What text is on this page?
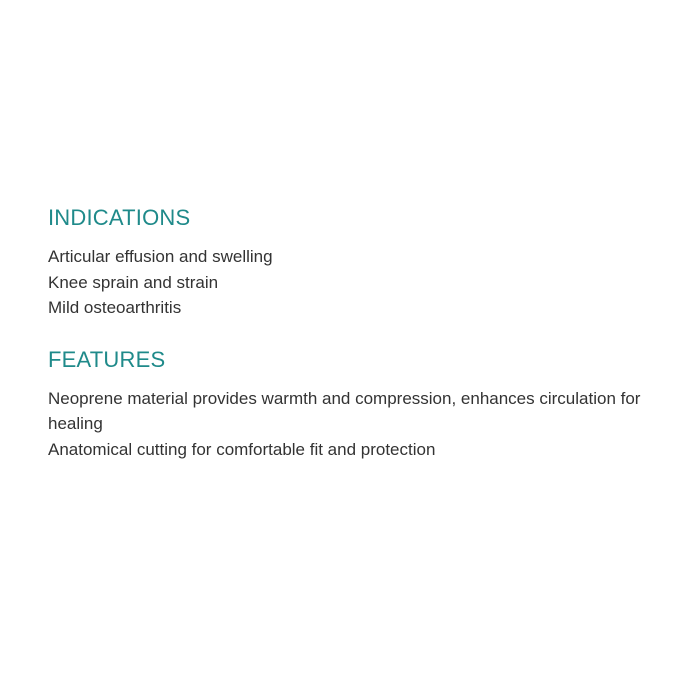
INDICATIONS
Articular effusion and swelling
Knee sprain and strain
Mild osteoarthritis
FEATURES
Neoprene material provides warmth and compression, enhances circulation for healing
Anatomical cutting for comfortable fit and protection
